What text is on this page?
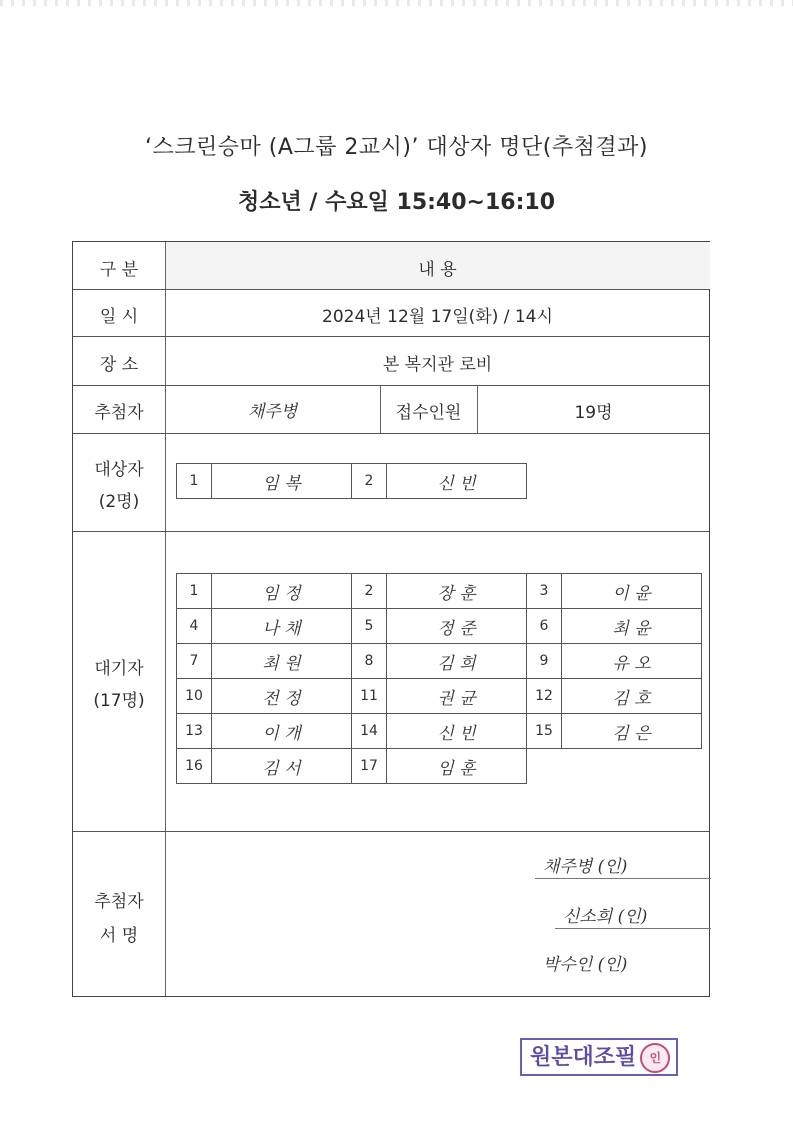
‘스크린승마 (A그룹 2교시)’ 대상자 명단(추첨결과)
청소년 / 수요일 15:40~16:10
구 분	내 용
일 시	2024년 12월 17일(화) / 14시
장 소	본 복지관 로비
추첨자	채주병	접수인원	19명
대상자
(2명)
1	임 복	2	신 빈
대기자
(17명)
1	임 정	2	장 훈	3	이 윤
4	나 채	5	정 준	6	최 윤
7	최 원	8	김 희	9	유 오
10	전 정	11	권 균	12	김 호
13	이 개	14	신 빈	15	김 은
16	김 서	17	임 훈		
추첨자
서 명
채주병 (인)
신소희 (인)
박수인 (인)
원본대조필 인
